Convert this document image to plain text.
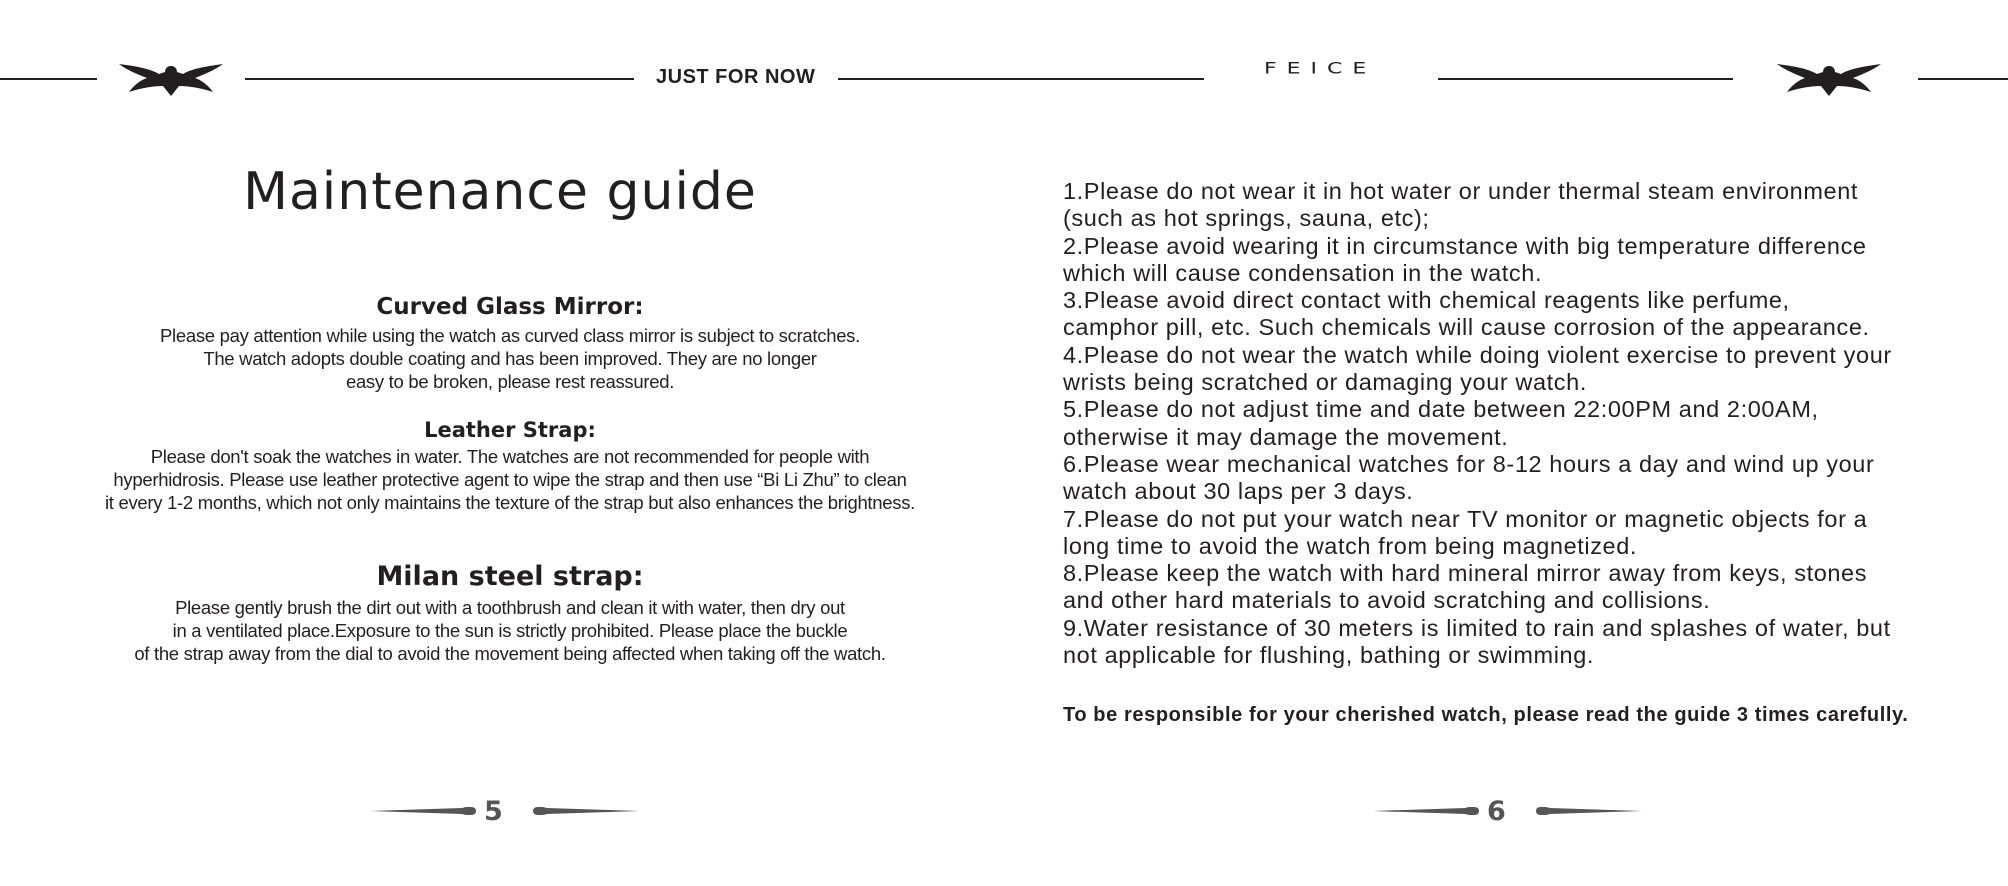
JUST FOR NOW	FEICE
Maintenance guide
Curved Glass Mirror:
Please pay attention while using the watch as curved class mirror is subject to scratches.
The watch adopts double coating and has been improved. They are no longer
easy to be broken, please rest reassured.
Leather Strap:
Please don't soak the watches in water. The watches are not recommended for people with
hyperhidrosis. Please use leather protective agent to wipe the strap and then use “Bi Li Zhu” to clean
it every 1-2 months, which not only maintains the texture of the strap but also enhances the brightness.
Milan steel strap:
Please gently brush the dirt out with a toothbrush and clean it with water, then dry out
in a ventilated place.Exposure to the sun is strictly prohibited. Please place the buckle
of the strap away from the dial to avoid the movement being affected when taking off the watch.
1.Please do not wear it in hot water or under thermal steam environment
(such as hot springs, sauna, etc);
2.Please avoid wearing it in circumstance with big temperature difference
which will cause condensation in the watch.
3.Please avoid direct contact with chemical reagents like perfume,
camphor pill, etc. Such chemicals will cause corrosion of the appearance.
4.Please do not wear the watch while doing violent exercise to prevent your
wrists being scratched or damaging your watch.
5.Please do not adjust time and date between 22:00PM and 2:00AM,
otherwise it may damage the movement.
6.Please wear mechanical watches for 8-12 hours a day and wind up your
watch about 30 laps per 3 days.
7.Please do not put your watch near TV monitor or magnetic objects for a
long time to avoid the watch from being magnetized.
8.Please keep the watch with hard mineral mirror away from keys, stones
and other hard materials to avoid scratching and collisions.
9.Water resistance of 30 meters is limited to rain and splashes of water, but
not applicable for flushing, bathing or swimming.
To be responsible for your cherished watch, please read the guide 3 times carefully.
5	6
